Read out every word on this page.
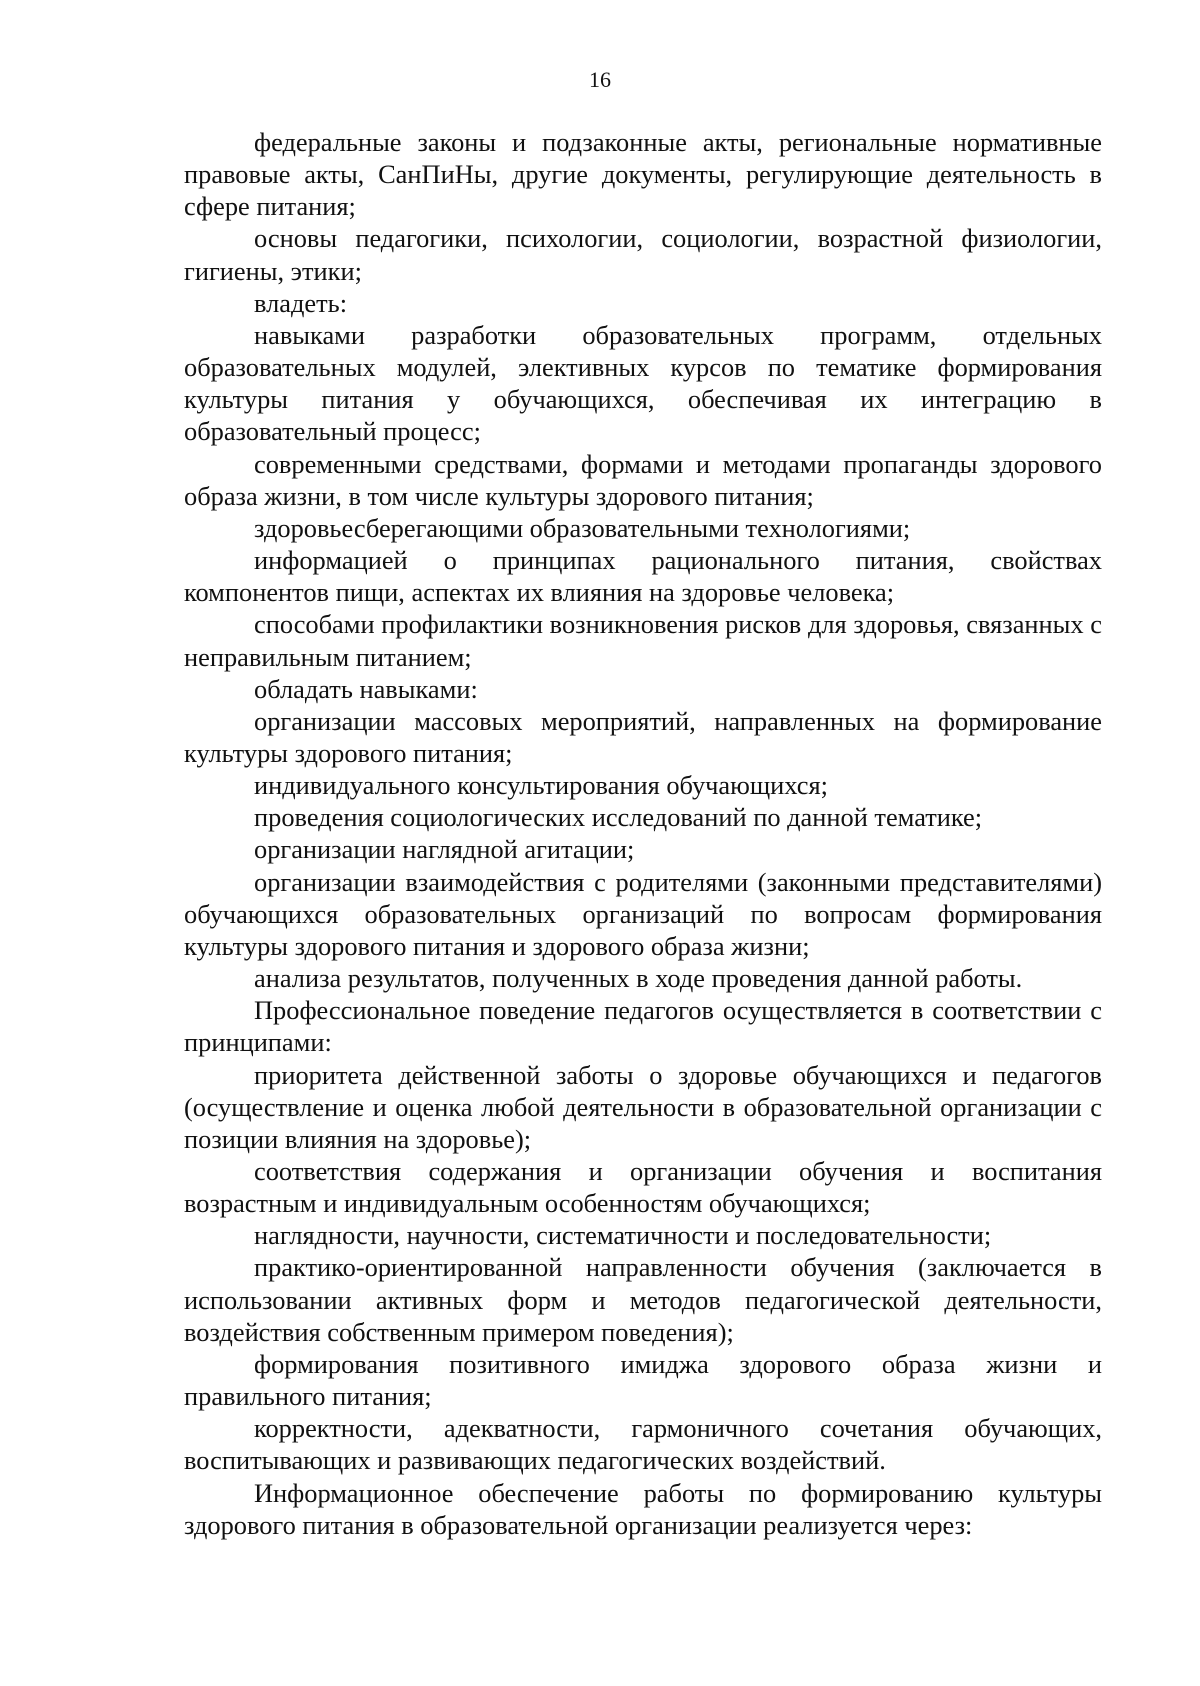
16

федеральные законы и подзаконные акты, региональные нормативные правовые акты, СанПиНы, другие документы, регулирующие деятельность в сфере питания;

основы педагогики, психологии, социологии, возрастной физиологии, гигиены, этики;

владеть:

навыками разработки образовательных программ, отдельных образовательных модулей, элективных курсов по тематике формирования культуры питания у обучающихся, обеспечивая их интеграцию в образовательный процесс;

современными средствами, формами и методами пропаганды здорового образа жизни, в том числе культуры здорового питания;

здоровьесберегающими образовательными технологиями;

информацией о принципах рационального питания, свойствах компонентов пищи, аспектах их влияния на здоровье человека;

способами профилактики возникновения рисков для здоровья, связанных с неправильным питанием;

обладать навыками:

организации массовых мероприятий, направленных на формирование культуры здорового питания;

индивидуального консультирования обучающихся;

проведения социологических исследований по данной тематике;

организации наглядной агитации;

организации взаимодействия с родителями (законными представителями) обучающихся образовательных организаций по вопросам формирования культуры здорового питания и здорового образа жизни;

анализа результатов, полученных в ходе проведения данной работы.

Профессиональное поведение педагогов осуществляется в соответствии с принципами:

приоритета действенной заботы о здоровье обучающихся и педагогов (осуществление и оценка любой деятельности в образовательной организации с позиции влияния на здоровье);

соответствия содержания и организации обучения и воспитания возрастным и индивидуальным особенностям обучающихся;

наглядности, научности, систематичности и последовательности;

практико-ориентированной направленности обучения (заключается в использовании активных форм и методов педагогической деятельности, воздействия собственным примером поведения);

формирования позитивного имиджа здорового образа жизни и правильного питания;

корректности, адекватности, гармоничного сочетания обучающих, воспитывающих и развивающих педагогических воздействий.

Информационное обеспечение работы по формированию культуры здорового питания в образовательной организации реализуется через:
